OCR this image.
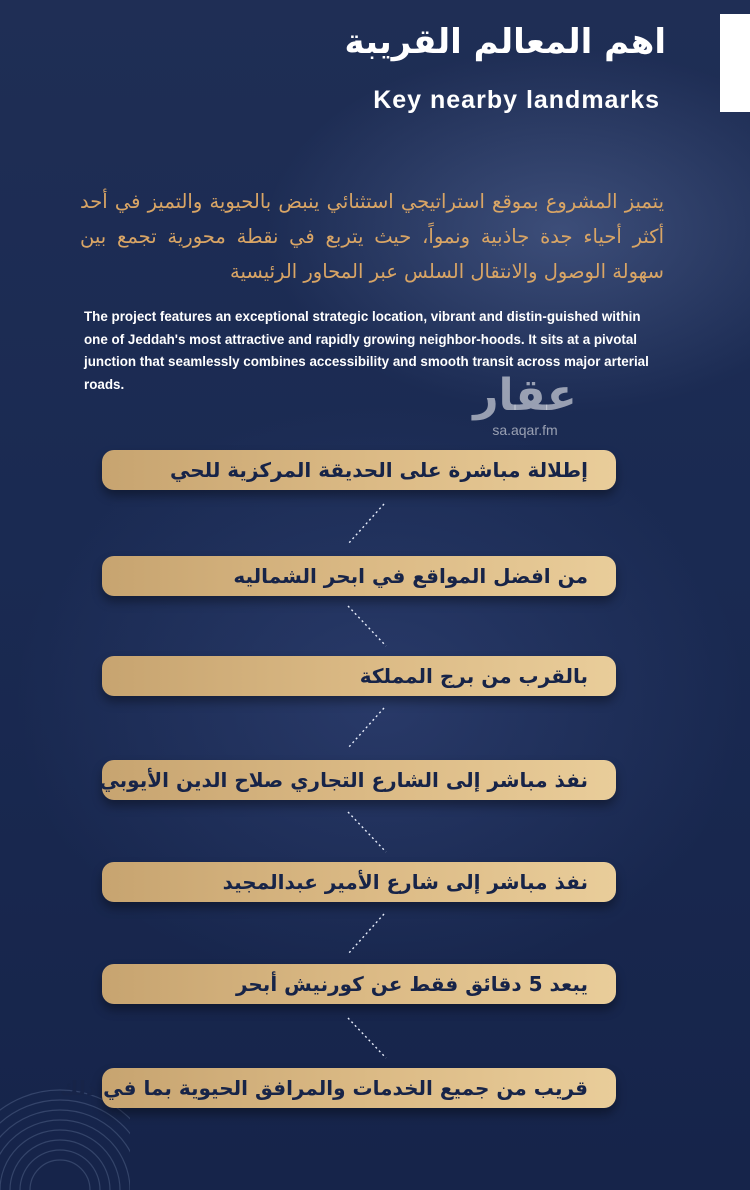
اهم المعالم القريبة
Key nearby landmarks
يتميز المشروع بموقع استراتيجي استثنائي ينبض بالحيوية والتميز في أحد أكثر أحياء جدة جاذبية ونمواً، حيث يتربع في نقطة محورية تجمع بين سهولة الوصول والانتقال السلس عبر المحاور الرئيسية
The project features an exceptional strategic location, vibrant and distin-guished within one of Jeddah's most attractive and rapidly growing neighbor-hoods. It sits at a pivotal junction that seamlessly combines accessibility and smooth transit across major arterial roads.	عقار
sa.aqar.fm
إطلالة مباشرة على الحديقة المركزية للحي
من افضل المواقع في ابحر الشماليه
بالقرب من برج المملكة
نفذ مباشر إلى الشارع التجاري صلاح الدين الأيوبي
نفذ مباشر إلى شارع الأمير عبدالمجيد
يبعد 5 دقائق فقط عن كورنيش أبحر
قريب من جميع الخدمات والمرافق الحيوية بما في ذلك
